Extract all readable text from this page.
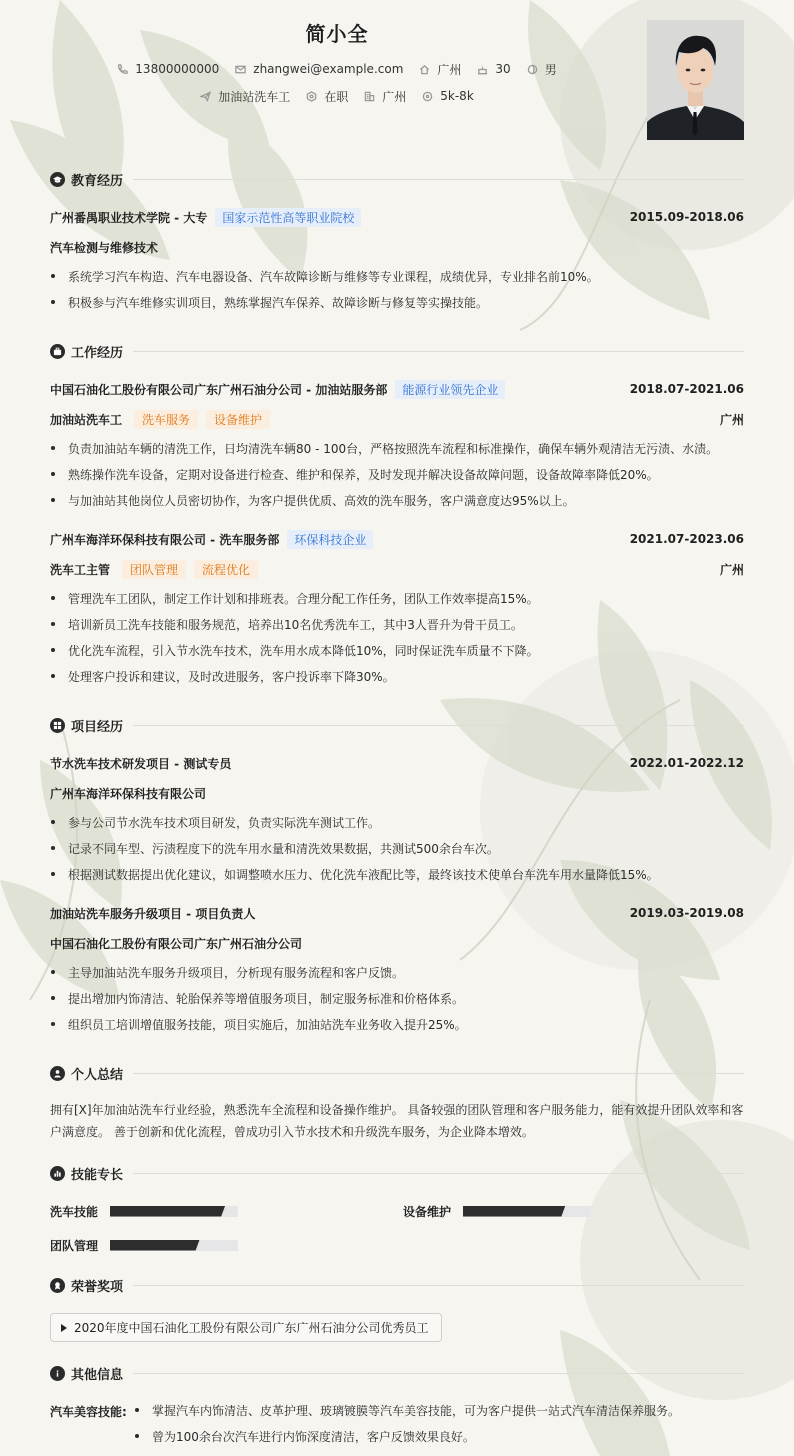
简小全
13800000000	zhangwei@example.com	广州	30	男
加油站洗车工	在职	广州	5k-8k
教育经历
广州番禺职业技术学院 - 大专	国家示范性高等职业院校	2015.09-2018.06
汽车检测与维修技术
系统学习汽车构造、汽车电器设备、汽车故障诊断与维修等专业课程，成绩优异，专业排名前10%。
积极参与汽车维修实训项目，熟练掌握汽车保养、故障诊断与修复等实操技能。
工作经历
中国石油化工股份有限公司广东广州石油分公司 - 加油站服务部	能源行业领先企业	2018.07-2021.06
加油站洗车工	洗车服务	设备维护	广州
负责加油站车辆的清洗工作，日均清洗车辆80 - 100台，严格按照洗车流程和标准操作，确保车辆外观清洁无污渍、水渍。
熟练操作洗车设备，定期对设备进行检查、维护和保养，及时发现并解决设备故障问题，设备故障率降低20%。
与加油站其他岗位人员密切协作，为客户提供优质、高效的洗车服务，客户满意度达95%以上。
广州车海洋环保科技有限公司 - 洗车服务部	环保科技企业	2021.07-2023.06
洗车工主管	团队管理	流程优化	广州
管理洗车工团队，制定工作计划和排班表。合理分配工作任务，团队工作效率提高15%。
培训新员工洗车技能和服务规范，培养出10名优秀洗车工，其中3人晋升为骨干员工。
优化洗车流程，引入节水洗车技术，洗车用水成本降低10%，同时保证洗车质量不下降。
处理客户投诉和建议，及时改进服务，客户投诉率下降30%。
项目经历
节水洗车技术研发项目 - 测试专员	2022.01-2022.12
广州车海洋环保科技有限公司
参与公司节水洗车技术项目研发，负责实际洗车测试工作。
记录不同车型、污渍程度下的洗车用水量和清洗效果数据，共测试500余台车次。
根据测试数据提出优化建议，如调整喷水压力、优化洗车液配比等，最终该技术使单台车洗车用水量降低15%。
加油站洗车服务升级项目 - 项目负责人	2019.03-2019.08
中国石油化工股份有限公司广东广州石油分公司
主导加油站洗车服务升级项目，分析现有服务流程和客户反馈。
提出增加内饰清洁、轮胎保养等增值服务项目，制定服务标准和价格体系。
组织员工培训增值服务技能，项目实施后，加油站洗车业务收入提升25%。
个人总结
拥有[X]年加油站洗车行业经验，熟悉洗车全流程和设备操作维护。 具备较强的团队管理和客户服务能力，能有效提升团队效率和客户满意度。 善于创新和优化流程，曾成功引入节水技术和升级洗车服务，为企业降本增效。
技能专长
洗车技能	设备维护
团队管理
荣誉奖项
2020年度中国石油化工股份有限公司广东广州石油分公司优秀员工
其他信息
汽车美容技能:	掌握汽车内饰清洁、皮革护理、玻璃镀膜等汽车美容技能，可为客户提供一站式汽车清洁保养服务。
曾为100余台次汽车进行内饰深度清洁，客户反馈效果良好。
